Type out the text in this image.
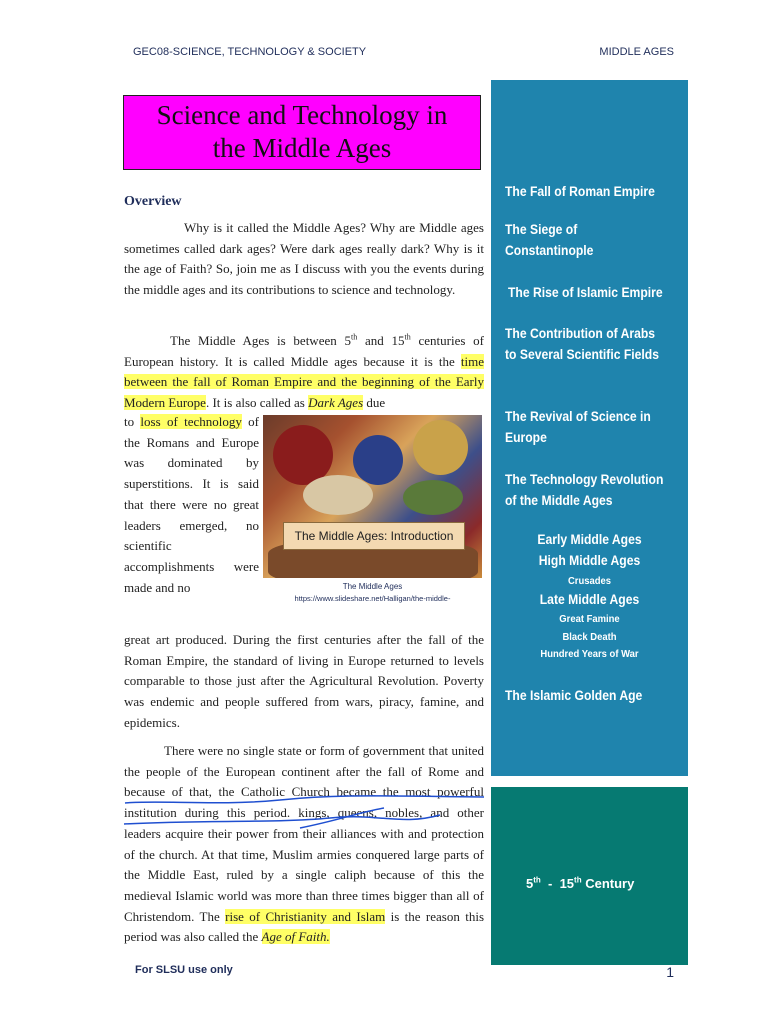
GEC08-SCIENCE, TECHNOLOGY & SOCIETY	MIDDLE AGES
Science and Technology in
the Middle Ages
Overview
Why is it called the Middle Ages? Why are Middle ages sometimes called dark ages? Were dark ages really dark? Why is it the age of Faith? So, join me as I discuss with you the events during the middle ages and its contributions to science and technology.
The Middle Ages is between 5th and 15th centuries of European history. It is called Middle ages because it is the time between the fall of Roman Empire and the beginning of the Early Modern Europe. It is also called as Dark Ages due
to loss of technology of the Romans and Europe was dominated by superstitions. It is said that there were no great leaders emerged, no scientific accomplishments were made and no
The Middle Ages: Introduction
The Middle Ages
https://www.slideshare.net/Halligan/the-middle-
great art produced. During the first centuries after the fall of the Roman Empire, the standard of living in Europe returned to levels comparable to those just after the Agricultural Revolution. Poverty was endemic and people suffered from wars, piracy, famine, and epidemics.
There were no single state or form of government that united the people of the European continent after the fall of Rome and because of that, the Catholic Church became the most powerful institution during this period. kings, queens, nobles, and other leaders acquire their power from their alliances with and protection of the church. At that time, Muslim armies conquered large parts of the Middle East, ruled by a single caliph because of this the medieval Islamic world was more than three times bigger than all of Christendom. The rise of Christianity and Islam is the reason this period was also called the Age of Faith.
The Fall of Roman Empire
The Siege of Constantinople
The Rise of Islamic Empire
The Contribution of Arabs to Several Scientific Fields
The Revival of Science in Europe
The Technology Revolution of the Middle Ages
Early Middle Ages
High Middle Ages
Crusades
Late Middle Ages
Great Famine
Black Death
Hundred Years of War
The Islamic Golden Age
5th  -  15th Century
For SLSU use only	1
